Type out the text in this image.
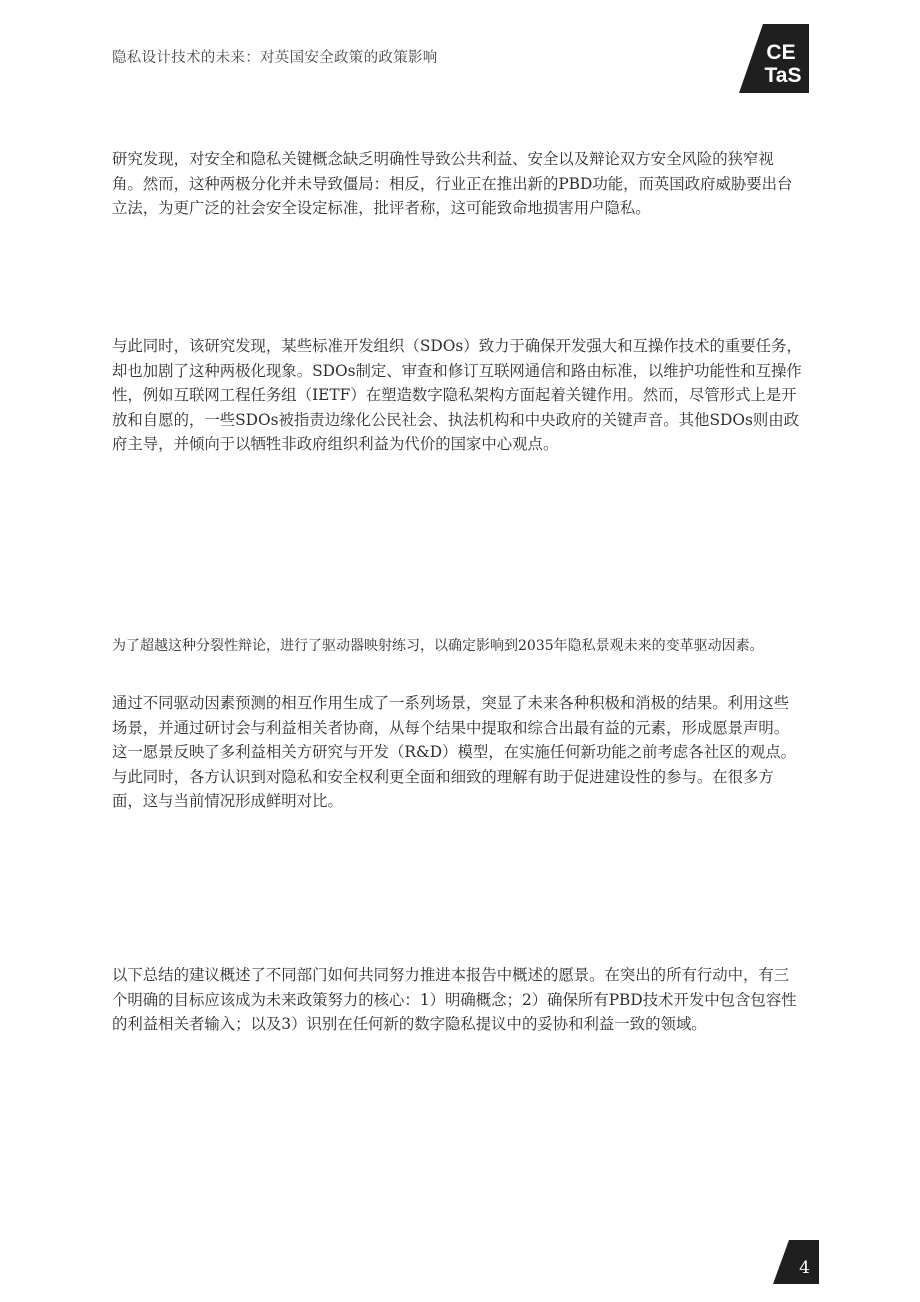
隐私设计技术的未来：对英国安全政策的政策影响	CE
TaS

研究发现，对安全和隐私关键概念缺乏明确性导致公共利益、安全以及辩论双方安全风险的狭窄视角。然而，这种两极分化并未导致僵局：相反，行业正在推出新的PBD功能，而英国政府威胁要出台立法，为更广泛的社会安全设定标准，批评者称，这可能致命地损害用户隐私。

与此同时，该研究发现，某些标准开发组织（SDOs）致力于确保开发强大和互操作技术的重要任务，却也加剧了这种两极化现象。SDOs制定、审查和修订互联网通信和路由标准，以维护功能性和互操作性，例如互联网工程任务组（IETF）在塑造数字隐私架构方面起着关键作用。然而，尽管形式上是开放和自愿的，一些SDOs被指责边缘化公民社会、执法机构和中央政府的关键声音。其他SDOs则由政府主导，并倾向于以牺牲非政府组织利益为代价的国家中心观点。

为了超越这种分裂性辩论，进行了驱动器映射练习，以确定影响到2035年隐私景观未来的变革驱动因素。

通过不同驱动因素预测的相互作用生成了一系列场景，突显了未来各种积极和消极的结果。利用这些场景，并通过研讨会与利益相关者协商，从每个结果中提取和综合出最有益的元素，形成愿景声明。这一愿景反映了多利益相关方研究与开发（R&D）模型，在实施任何新功能之前考虑各社区的观点。与此同时，各方认识到对隐私和安全权利更全面和细致的理解有助于促进建设性的参与。在很多方面，这与当前情况形成鲜明对比。

以下总结的建议概述了不同部门如何共同努力推进本报告中概述的愿景。在突出的所有行动中，有三个明确的目标应该成为未来政策努力的核心：1）明确概念；2）确保所有PBD技术开发中包含包容性的利益相关者输入；以及3）识别在任何新的数字隐私提议中的妥协和利益一致的领域。

4
